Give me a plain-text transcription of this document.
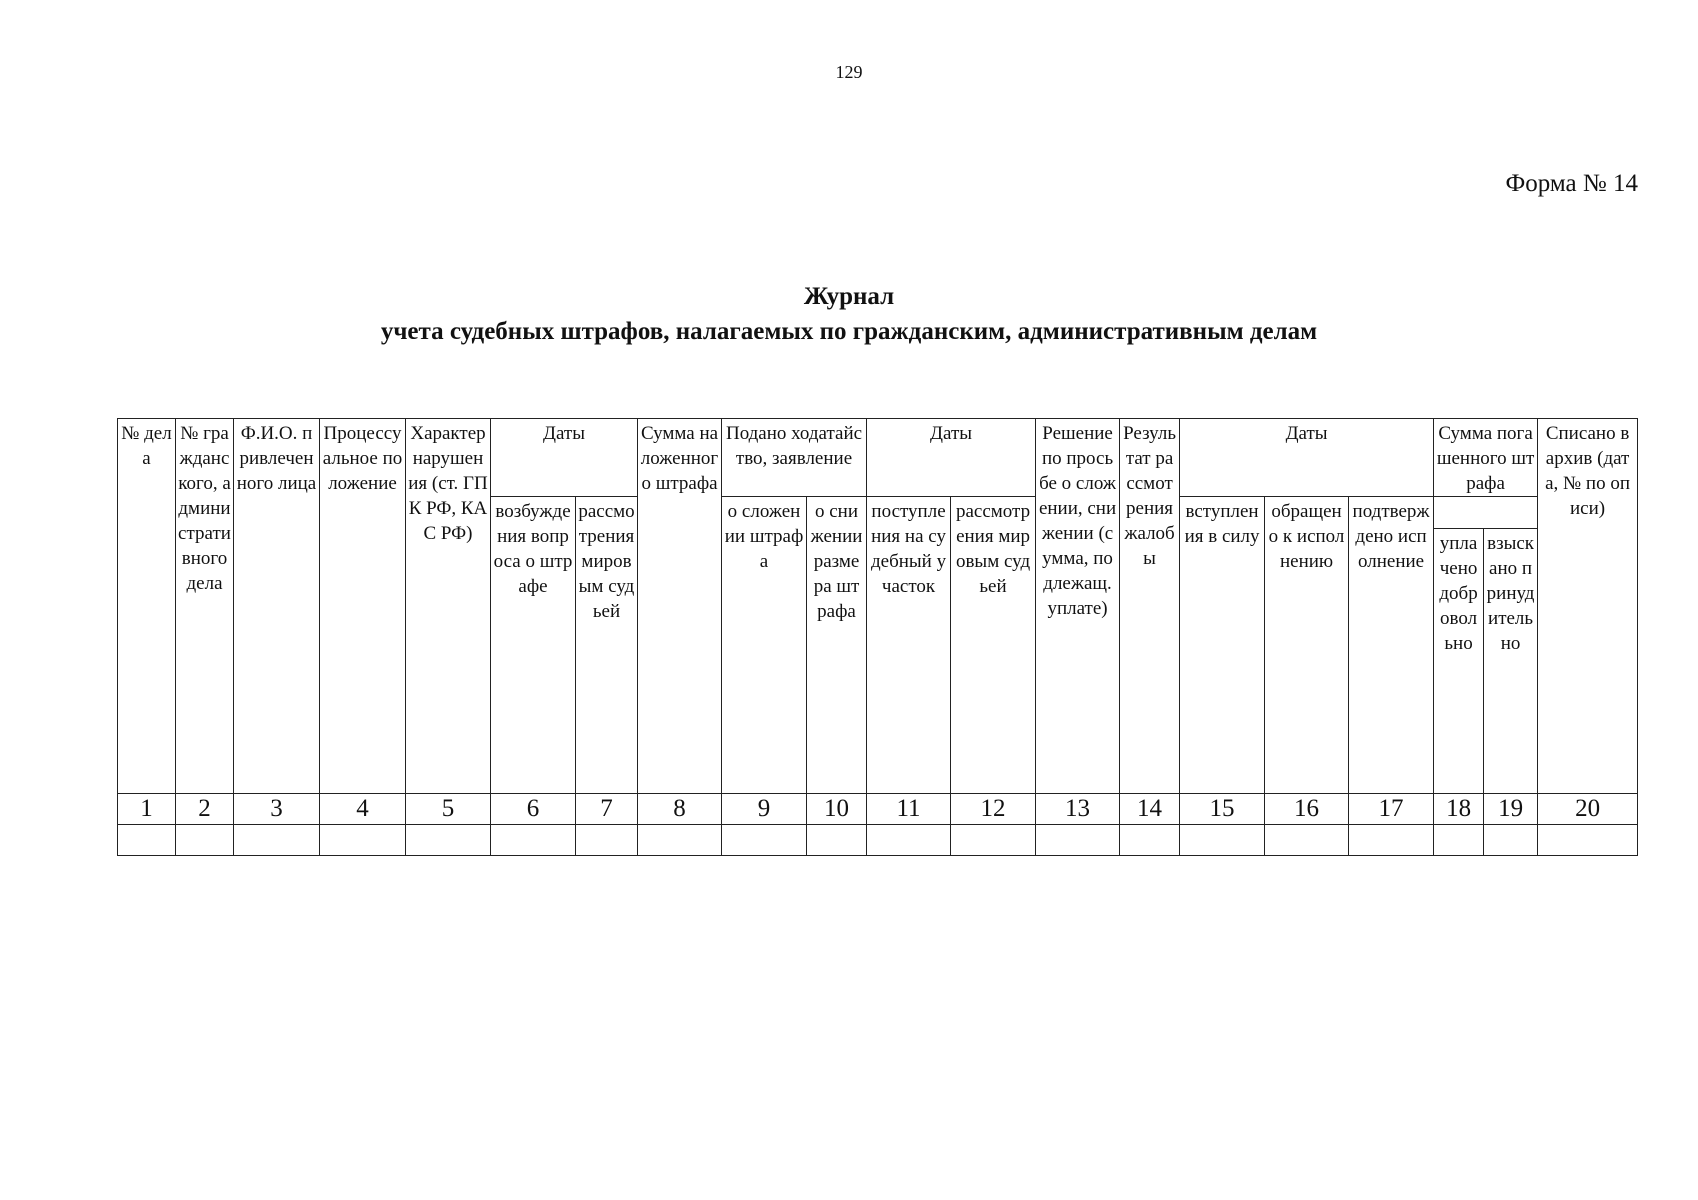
129
Форма № 14
Журнал
учета судебных штрафов, налагаемых по гражданским, административным делам
№ дела	№ гражданского, административного дела	Ф.И.О. привлеченного лица	Процессуальное положение	Характер нарушения (ст. ГПК РФ, КАС РФ)	Даты		Сумма наложенного штрафа	Подано ходатайство, заявление		Даты		Решение по просьбе о сложении, снижении (сумма, подлежащ. уплате)	Результат рассмотрения жалобы	Даты			Сумма погашенного штрафа		Списано в архив (дата, № по описи)
					возбуждения вопроса о штрафе	рассмотрения мировым судьей		о сложении штрафа	о снижении размера штрафа	поступления на судебный участок	рассмотрения мировым судьей			вступления в силу	обращено к исполнению	подтверждено исполнение			
																	уплачено добровольно	взыскано принудительно	
1	2	3	4	5	6	7	8	9	10	11	12	13	14	15	16	17	18	19	20
